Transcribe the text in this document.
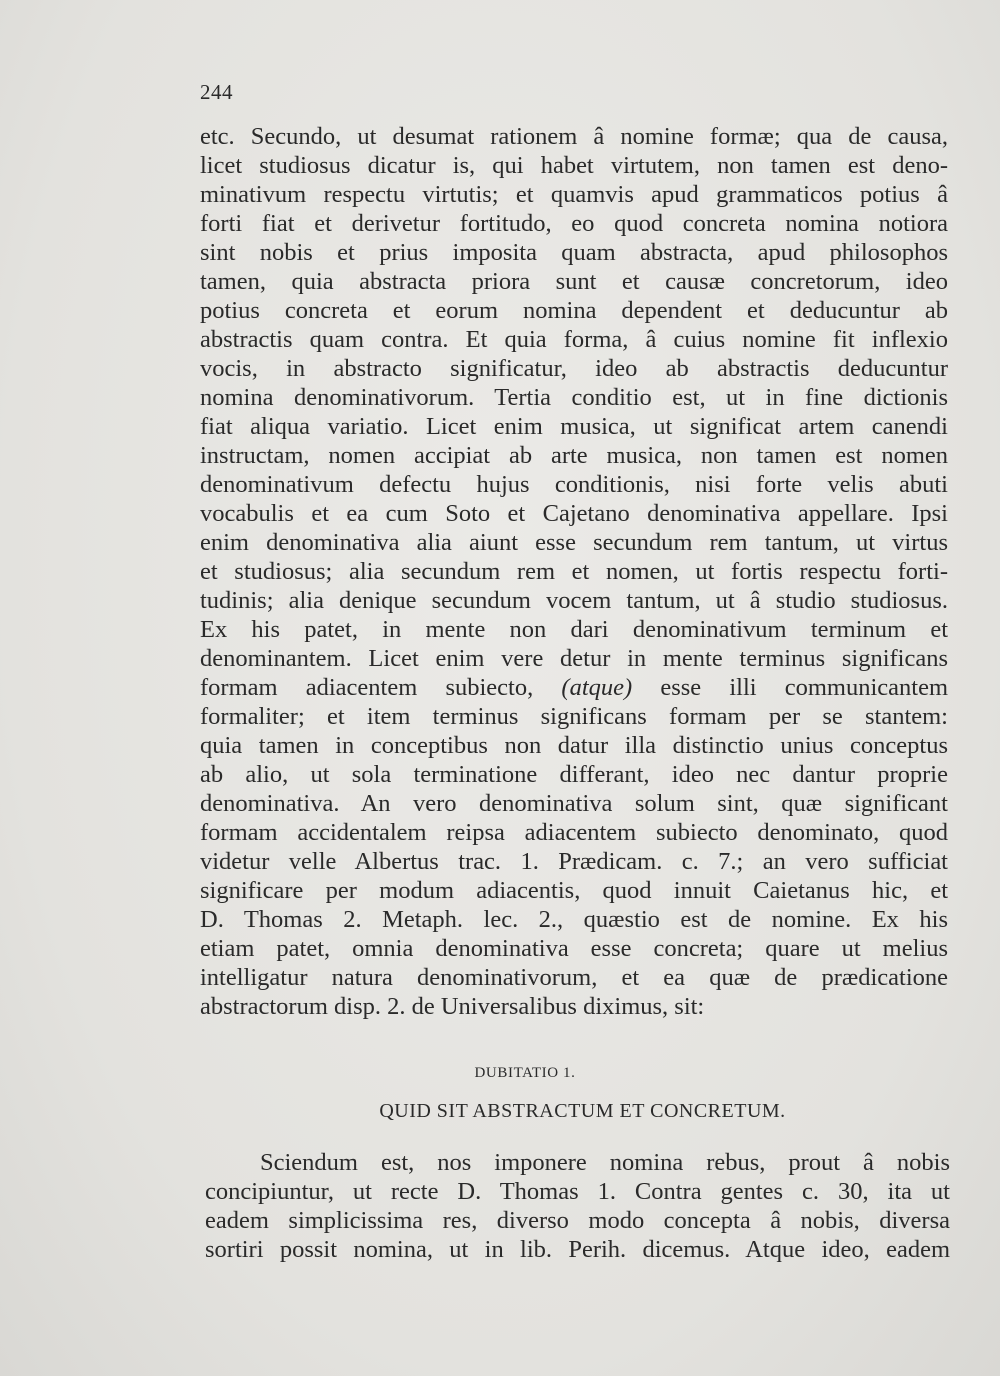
244
etc. Secundo, ut desumat rationem â nomine formæ; qua de causa,
licet studiosus dicatur is, qui habet virtutem, non tamen est deno-
minativum respectu virtutis; et quamvis apud grammaticos potius â
forti fiat et derivetur fortitudo, eo quod concreta nomina notiora
sint nobis et prius imposita quam abstracta, apud philosophos
tamen, quia abstracta priora sunt et causæ concretorum, ideo
potius concreta et eorum nomina dependent et deducuntur ab
abstractis quam contra. Et quia forma, â cuius nomine fit inflexio
vocis, in abstracto significatur, ideo ab abstractis deducuntur
nomina denominativorum. Tertia conditio est, ut in fine dictionis
fiat aliqua variatio. Licet enim musica, ut significat artem canendi
instructam, nomen accipiat ab arte musica, non tamen est nomen
denominativum defectu hujus conditionis, nisi forte velis abuti
vocabulis et ea cum Soto et Cajetano denominativa appellare. Ipsi
enim denominativa alia aiunt esse secundum rem tantum, ut virtus
et studiosus; alia secundum rem et nomen, ut fortis respectu forti-
tudinis; alia denique secundum vocem tantum, ut â studio studiosus.
Ex his patet, in mente non dari denominativum terminum et
denominantem. Licet enim vere detur in mente terminus significans
formam adiacentem subiecto, (atque) esse illi communicantem
formaliter; et item terminus significans formam per se stantem:
quia tamen in conceptibus non datur illa distinctio unius conceptus
ab alio, ut sola terminatione differant, ideo nec dantur proprie
denominativa. An vero denominativa solum sint, quæ significant
formam accidentalem reipsa adiacentem subiecto denominato, quod
videtur velle Albertus trac. 1. Prædicam. c. 7.; an vero sufficiat
significare per modum adiacentis, quod innuit Caietanus hic, et
D. Thomas 2. Metaph. lec. 2., quæstio est de nomine. Ex his
etiam patet, omnia denominativa esse concreta; quare ut melius
intelligatur natura denominativorum, et ea quæ de prædicatione
abstractorum disp. 2. de Universalibus diximus, sit:
DUBITATIO 1.
QUID SIT ABSTRACTUM ET CONCRETUM.
Sciendum est, nos imponere nomina rebus, prout â nobis
concipiuntur, ut recte D. Thomas 1. Contra gentes c. 30, ita ut
eadem simplicissima res, diverso modo concepta â nobis, diversa
sortiri possit nomina, ut in lib. Perih. dicemus. Atque ideo, eadem
